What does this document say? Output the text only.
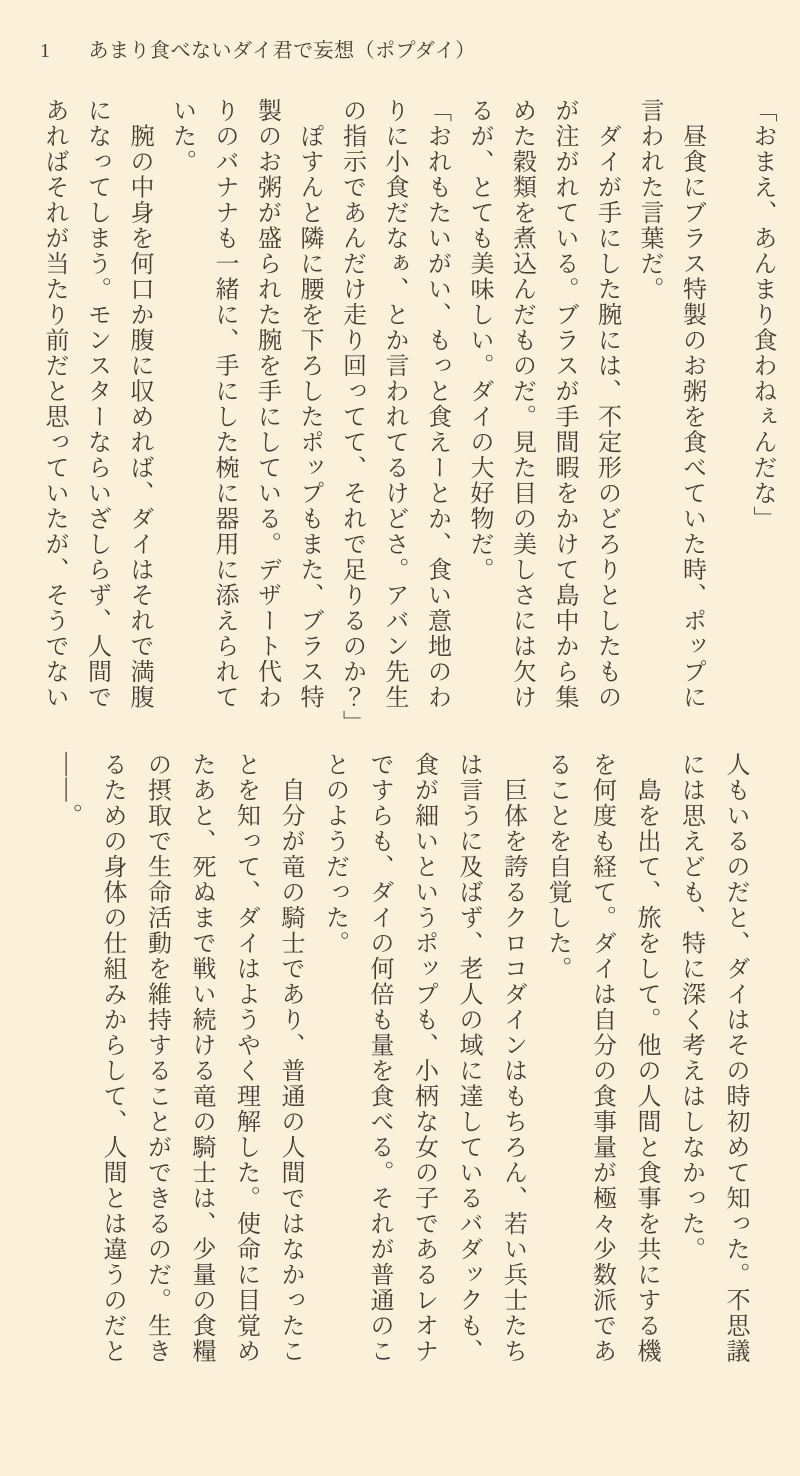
1 あまり食べないダイ君で妄想（ポプダイ）

「おまえ、あんまり食わねぇんだな」

　昼食にブラス特製のお粥を食べていた時、ポップに

言われた言葉だ。

　ダイが手にした腕には、不定形のどろりとしたもの

が注がれている。ブラスが手間暇をかけて島中から集

めた穀類を煮込んだものだ。見た目の美しさには欠け

るが、とても美味しい。ダイの大好物だ。

「おれもたいがい、もっと食えーとか、食い意地のわ

りに小食だなぁ、とか言われてるけどさ。アバン先生

の指示であんだけ走り回ってて、それで足りるのか？」

　ぽすんと隣に腰を下ろしたポップもまた、ブラス特

製のお粥が盛られた腕を手にしている。デザート代わ

りのバナナも一緒に、手にした椀に器用に添えられて

いた。

　腕の中身を何口か腹に収めれば、ダイはそれで満腹

になってしまう。モンスターならいざしらず、人間で

あればそれが当たり前だと思っていたが、そうでない

人もいるのだと、ダイはその時初めて知った。不思議

には思えども、特に深く考えはしなかった。

　島を出て、旅をして。他の人間と食事を共にする機

を何度も経て。ダイは自分の食事量が極々少数派であ

ることを自覚した。

　巨体を誇るクロコダインはもちろん、若い兵士たち

は言うに及ばず、老人の域に達しているバダックも、

食が細いというポップも、小柄な女の子であるレオナ

ですらも、ダイの何倍も量を食べる。それが普通のこ

とのようだった。

　自分が竜の騎士であり、普通の人間ではなかったこ

とを知って、ダイはようやく理解した。使命に目覚め

たあと、死ぬまで戦い続ける竜の騎士は、少量の食糧

の摂取で生命活動を維持することができるのだ。生き

るための身体の仕組みからして、人間とは違うのだと

――。
